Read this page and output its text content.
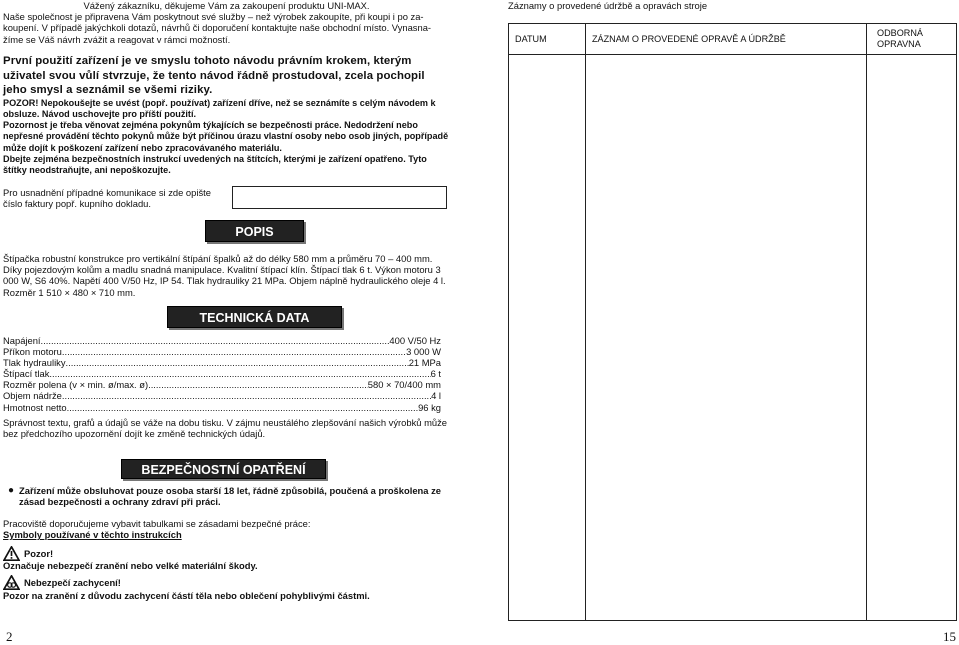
Vážený zákazníku, děkujeme Vám za zakoupení produktu UNI-MAX.

Naše společnost je připravena Vám poskytnout své služby – než výrobek zakoupíte, při koupi i po za-

koupení. V případě jakýchkoli dotazů, návrhů či doporučení kontaktujte naše obchodní místo. Vynasna-

žíme se Váš návrh zvážit a reagovat v rámci možností.

První použití zařízení je ve smyslu tohoto návodu právním krokem, kterým uživatel svou vůlí stvrzuje, že tento návod řádně prostudoval, zcela pochopil jeho smysl a seznámil se všemi riziky.

POZOR! Nepokoušejte se uvést (popř. používat) zařízení dříve, než se seznámíte s celým návodem k obsluze. Návod uschovejte pro příští použití.

Pozornost je třeba věnovat zejména pokynům týkajících se bezpečnosti práce. Nedodržení nebo nepřesné provádění těchto pokynů může být příčinou úrazu vlastní osoby nebo osob jiných, popřípadě může dojít k poškození zařízení nebo zpracovávaného materiálu.

Dbejte zejména bezpečnostních instrukcí uvedených na štítcích, kterými je zařízení opatřeno. Tyto štítky neodstraňujte, ani nepoškozujte.

Pro usnadnění případné komunikace si zde opište číslo faktury popř. kupního dokladu.

POPIS

Štípačka robustní konstrukce pro vertikální štípání špalků až do délky 580 mm a průměru 70 – 400 mm. Díky pojezdovým kolům a madlu snadná manipulace. Kvalitní štípací klín. Štípací tlak 6 t. Výkon motoru 3 000 W, S6 40%. Napětí 400 V/50 Hz, IP 54. Tlak hydrauliky 21 MPa. Objem náplně hydraulického oleje 4 l. Rozměr 1 510 × 480 × 710 mm.

TECHNICKÁ DATA
Napájení .....	400 V/50 Hz
Příkon motoru .....	3 000 W
Tlak hydrauliky .....	21 MPa
Štípací tlak .....	6 t
Rozměr polena (v × min. ø/max. ø) .....	580 × 70/400 mm
Objem nádrže .....	4 l
Hmotnost netto .....	96 kg

Správnost textu, grafů a údajů se váže na dobu tisku. V zájmu neustálého zlepšování našich výrobků může bez předchozího upozornění dojít ke změně technických údajů.

BEZPEČNOSTNÍ OPATŘENÍ
● Zařízení může obsluhovat pouze osoba starší 18 let, řádně způsobilá, poučená a proškolena ze zásad bezpečnosti a ochrany zdraví při práci.

Pracoviště doporučujeme vybavit tabulkami se zásadami bezpečné práce:

Symboly používané v těchto instrukcích

Pozor!

Označuje nebezpečí zranění nebo velké materiální škody.

Nebezpečí zachycení!

Pozor na zranění z důvodu zachycení částí těla nebo oblečení pohyblivými částmi.

2

Záznamy o provedené údržbě a opravách stroje

DATUM	ZÁZNAM O PROVEDENÉ OPRAVĚ A ÚDRŽBĚ	ODBORNÁ
OPRAVNA

15
